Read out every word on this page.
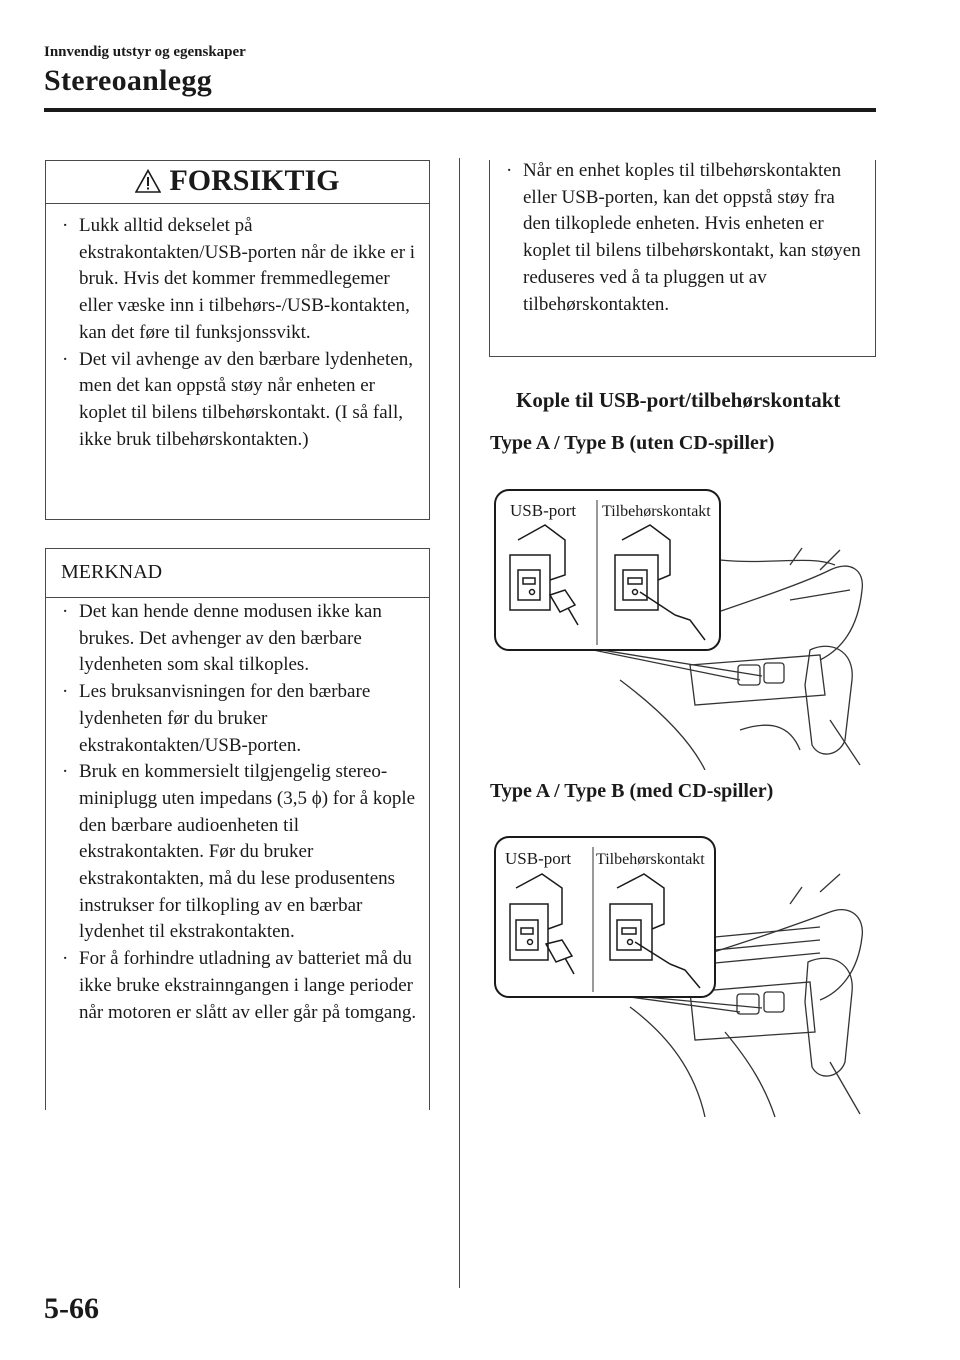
Innvendig utstyr og egenskaper
Stereoanlegg
FORSIKTIG
· Lukk alltid dekselet på ekstrakontakten/USB-porten når de ikke er i bruk. Hvis det kommer fremmedlegemer eller væske inn i tilbehørs-/USB-kontakten, kan det føre til funksjonssvikt.
· Det vil avhenge av den bærbare lydenheten, men det kan oppstå støy når enheten er koplet til bilens tilbehørskontakt. (I så fall, ikke bruk tilbehørskontakten.)
MERKNAD
· Det kan hende denne modusen ikke kan brukes. Det avhenger av den bærbare lydenheten som skal tilkoples.
· Les bruksanvisningen for den bærbare lydenheten før du bruker ekstrakontakten/USB-porten.
· Bruk en kommersielt tilgjengelig stereo-miniplugg uten impedans (3,5 ϕ) for å kople den bærbare audioenheten til ekstrakontakten. Før du bruker ekstrakontakten, må du lese produsentens instrukser for tilkopling av en bærbar lydenhet til ekstrakontakten.
· For å forhindre utladning av batteriet må du ikke bruke ekstrainngangen i lange perioder når motoren er slått av eller går på tomgang.
· Når en enhet koples til tilbehørskontakten eller USB-porten, kan det oppstå støy fra den tilkoplede enheten. Hvis enheten er koplet til bilens tilbehørskontakt, kan støyen reduseres ved å ta pluggen ut av tilbehørskontakten.
Kople til USB-port/tilbehørskontakt
Type A / Type B (uten CD-spiller)
USB-port Tilbehørskontakt
Type A / Type B (med CD-spiller)
USB-port Tilbehørskontakt
5-66
